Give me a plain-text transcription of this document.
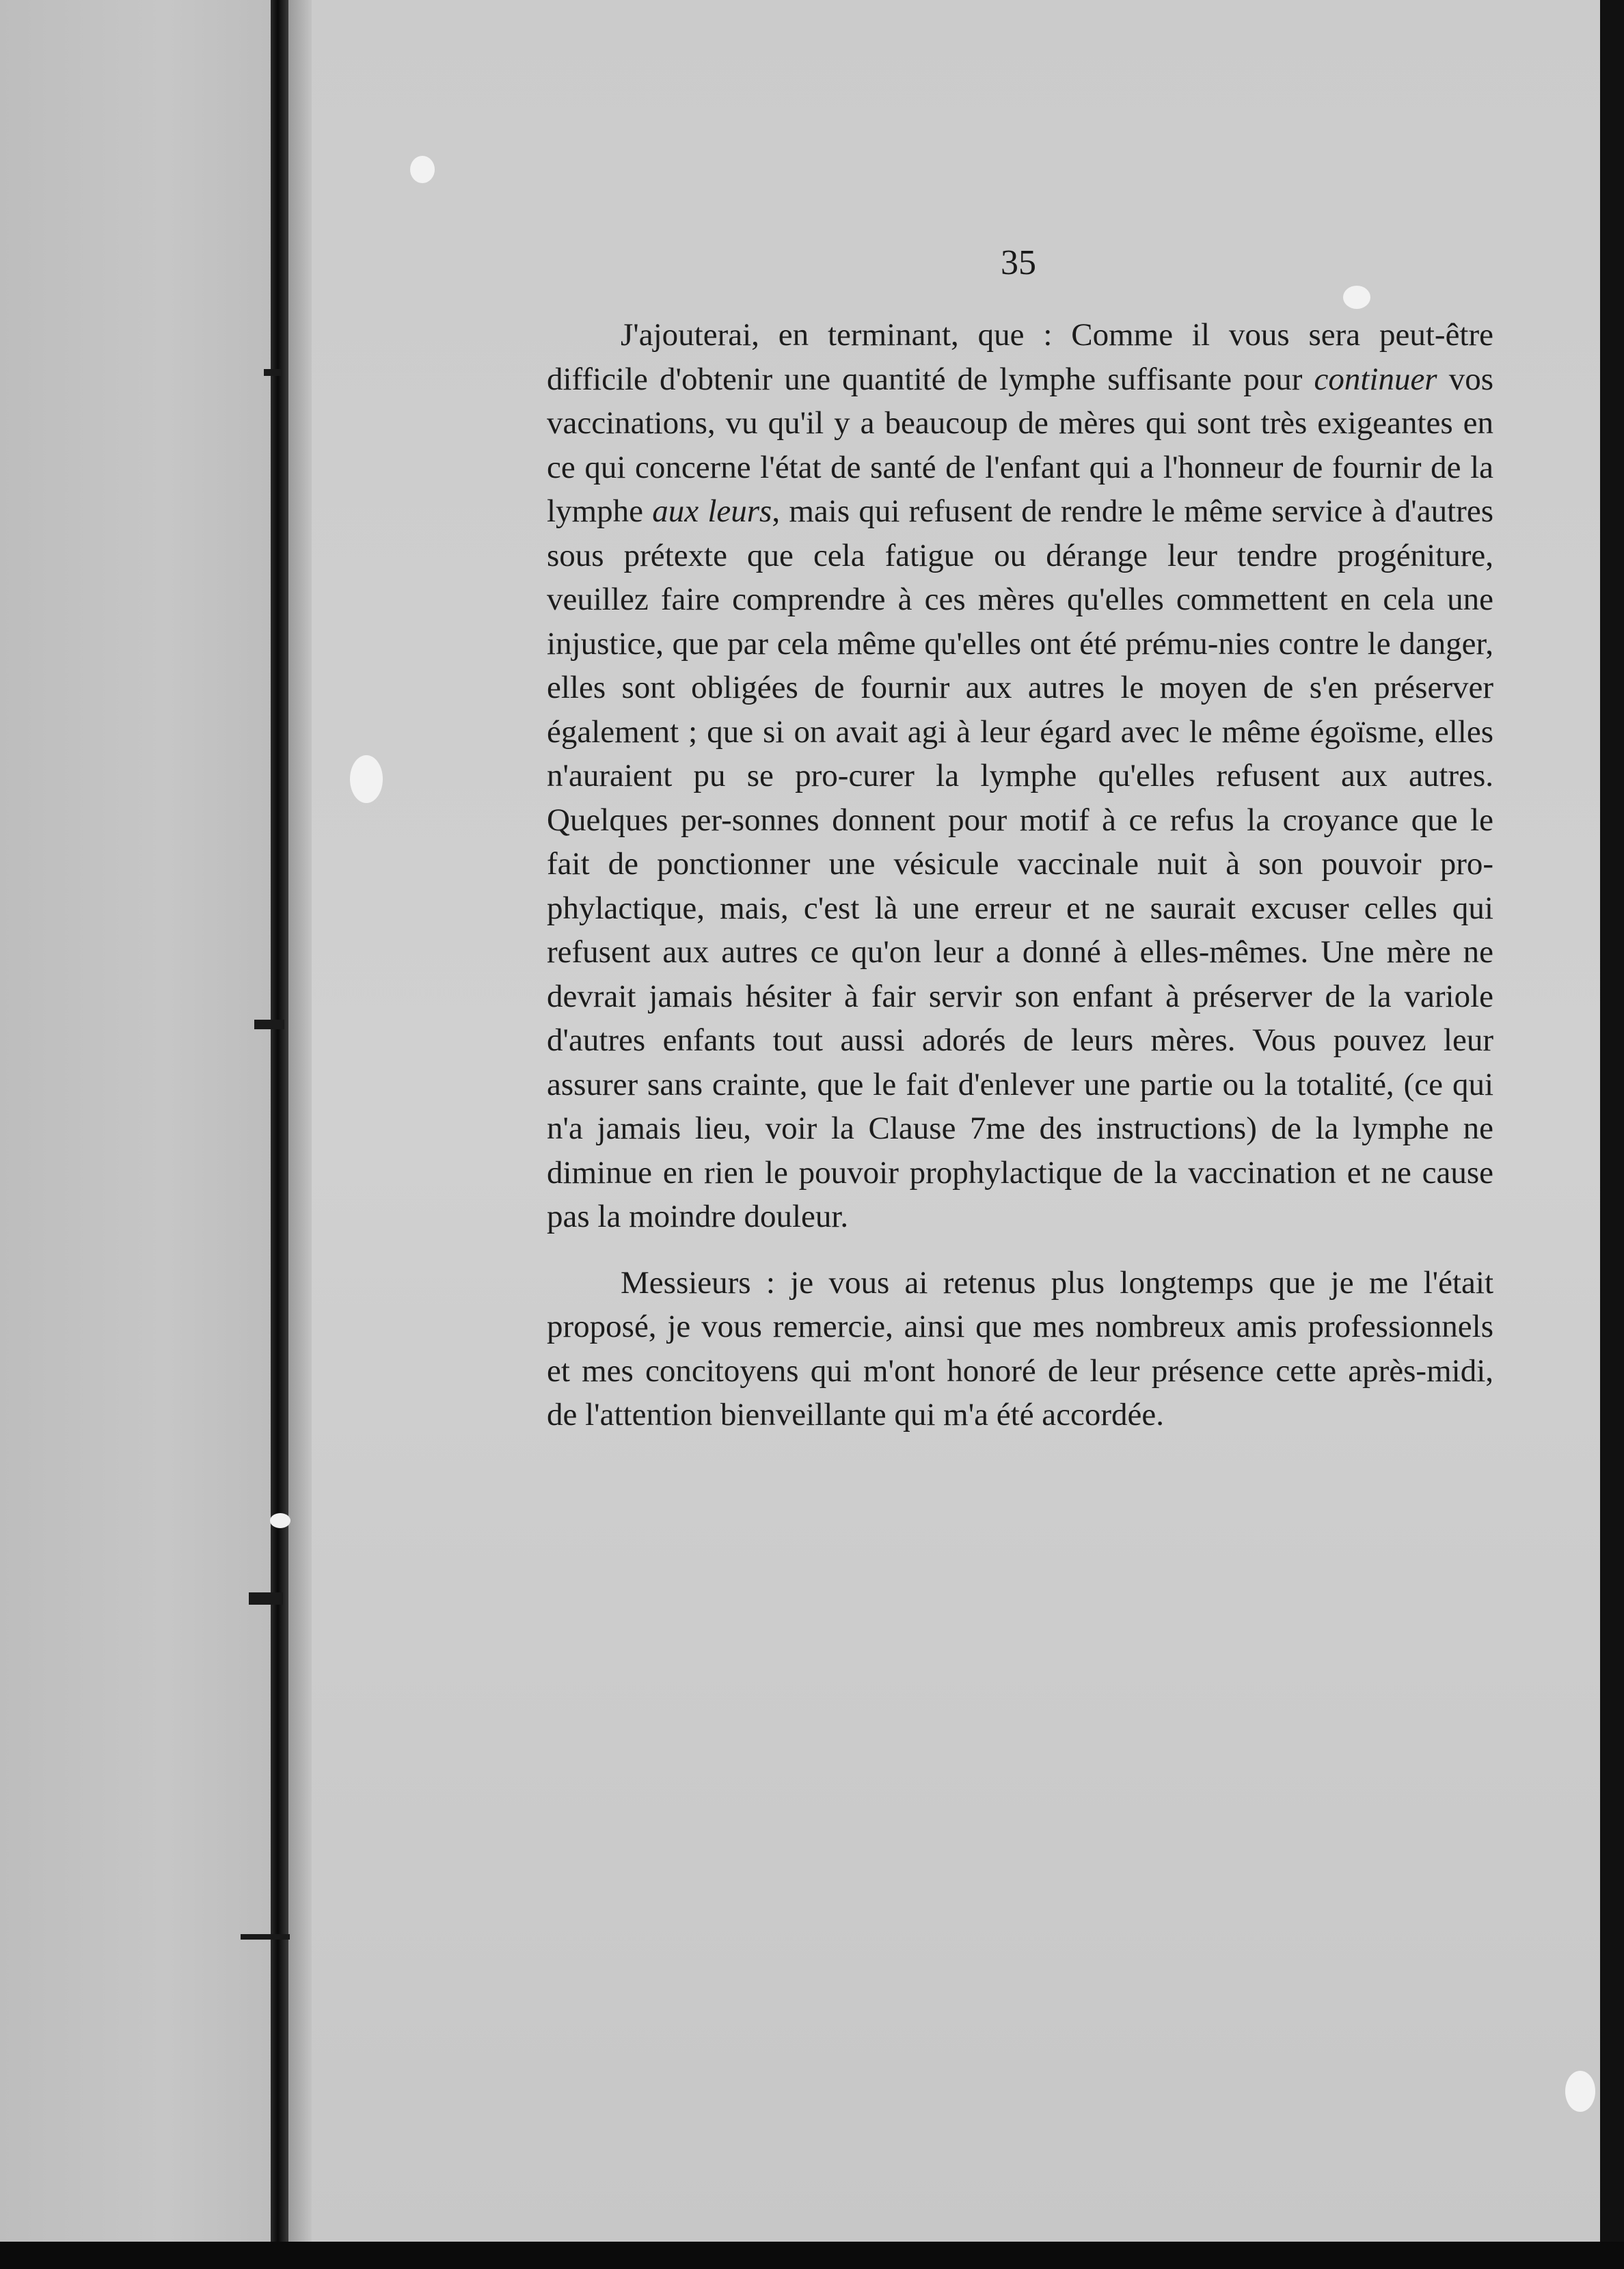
35

J'ajouterai, en terminant, que : Comme il vous sera peut-être difficile d'obtenir une quantité de lymphe suffisante pour continuer vos vaccinations, vu qu'il y a beaucoup de mères qui sont très exigeantes en ce qui concerne l'état de santé de l'enfant qui a l'honneur de fournir de la lymphe aux leurs, mais qui refusent de rendre le même service à d'autres sous prétexte que cela fatigue ou dérange leur tendre progéniture, veuillez faire comprendre à ces mères qu'elles commettent en cela une injustice, que par cela même qu'elles ont été prému-nies contre le danger, elles sont obligées de fournir aux autres le moyen de s'en préserver également ; que si on avait agi à leur égard avec le même égoïsme, elles n'auraient pu se pro-curer la lymphe qu'elles refusent aux autres. Quelques per-sonnes donnent pour motif à ce refus la croyance que le fait de ponctionner une vésicule vaccinale nuit à son pouvoir pro-phylactique, mais, c'est là une erreur et ne saurait excuser celles qui refusent aux autres ce qu'on leur a donné à elles-mêmes. Une mère ne devrait jamais hésiter à fair servir son enfant à préserver de la variole d'autres enfants tout aussi adorés de leurs mères. Vous pouvez leur assurer sans crainte, que le fait d'enlever une partie ou la totalité, (ce qui n'a jamais lieu, voir la Clause 7me des instructions) de la lymphe ne diminue en rien le pouvoir prophylactique de la vaccination et ne cause pas la moindre douleur.

Messieurs : je vous ai retenus plus longtemps que je me l'était proposé, je vous remercie, ainsi que mes nombreux amis professionnels et mes concitoyens qui m'ont honoré de leur présence cette après-midi, de l'attention bienveillante qui m'a été accordée.
